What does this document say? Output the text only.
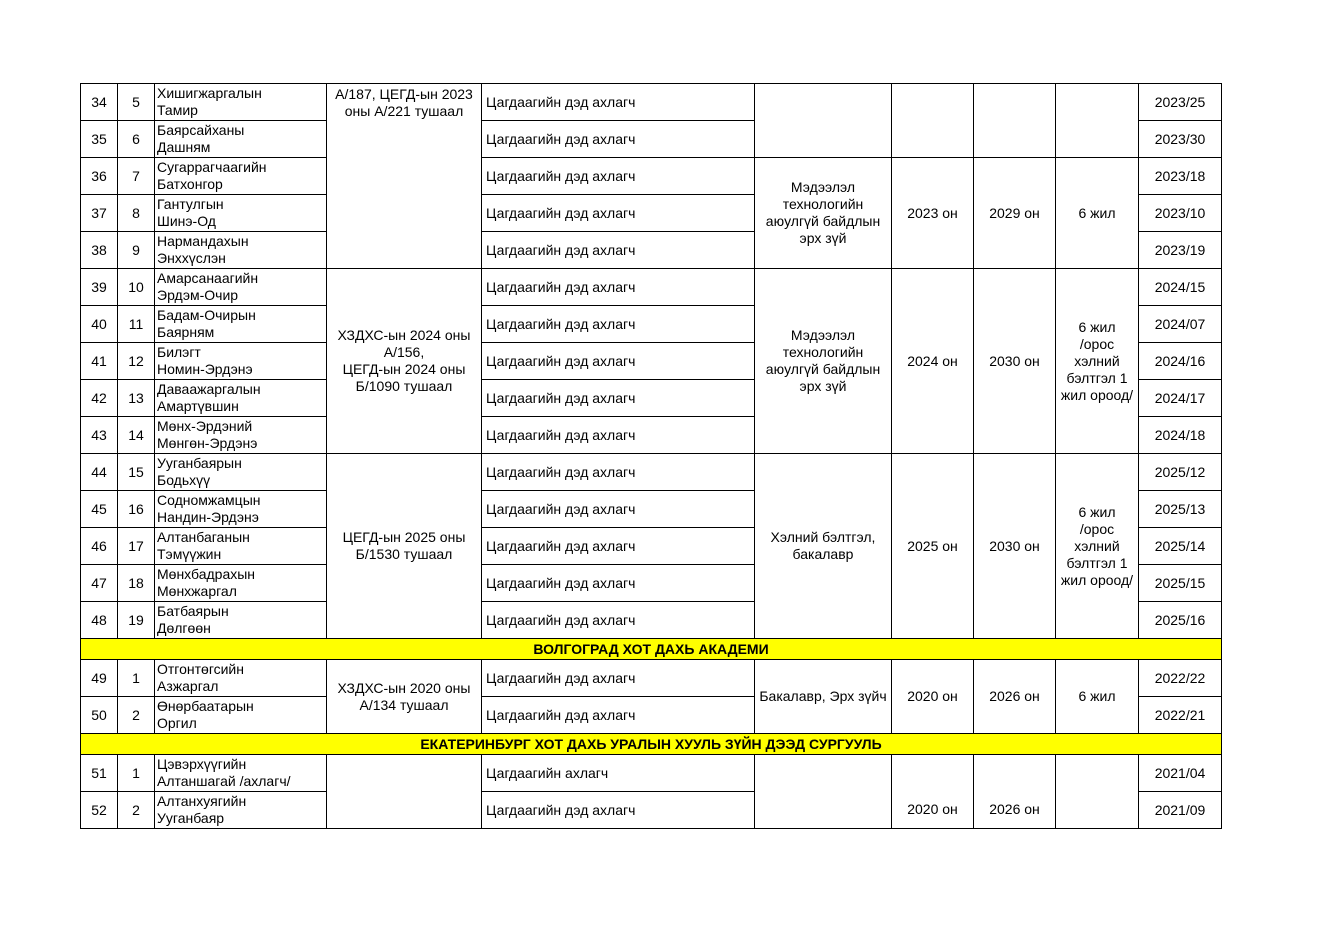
34	5	Хишигжаргалын
Тамир	А/187, ЦЕГД-ын 2023
оны А/221 тушаал	Цагдаагийн дэд ахлагч					2023/25
35	6	Баярсайханы
Дашням		Цагдаагийн дэд ахлагч					2023/30
36	7	Сугаррагчаагийн
Батхонгор		Цагдаагийн дэд ахлагч	Мэдээлэл
технологийн
аюулгүй байдлын
эрх зүй	2023 он	2029 он	6 жил	2023/18
37	8	Гантулгын
Шинэ-Од		Цагдаагийн дэд ахлагч					2023/10
38	9	Нармандахын
Энххүслэн		Цагдаагийн дэд ахлагч					2023/19
39	10	Амарсанаагийн
Эрдэм-Очир	ХЗДХС-ын 2024 оны
А/156,
ЦЕГД-ын 2024 оны
Б/1090 тушаал	Цагдаагийн дэд ахлагч	Мэдээлэл
технологийн
аюулгүй байдлын
эрх зүй	2024 он	2030 он	6 жил
/орос
хэлний
бэлтгэл 1
жил ороод/	2024/15
40	11	Бадам-Очирын
Баярням		Цагдаагийн дэд ахлагч					2024/07
41	12	Билэгт
Номин-Эрдэнэ		Цагдаагийн дэд ахлагч					2024/16
42	13	Даваажаргалын
Амартүвшин		Цагдаагийн дэд ахлагч					2024/17
43	14	Мөнх-Эрдэний
Мөнгөн-Эрдэнэ		Цагдаагийн дэд ахлагч					2024/18
44	15	Ууганбаярын
Бодьхүү	ЦЕГД-ын 2025 оны
Б/1530 тушаал	Цагдаагийн дэд ахлагч	Хэлний бэлтгэл,
бакалавр	2025 он	2030 он	6 жил
/орос
хэлний
бэлтгэл 1
жил ороод/	2025/12
45	16	Содномжамцын
Нандин-Эрдэнэ		Цагдаагийн дэд ахлагч					2025/13
46	17	Алтанбаганын
Тэмүүжин		Цагдаагийн дэд ахлагч					2025/14
47	18	Мөнхбадрахын
Мөнхжаргал		Цагдаагийн дэд ахлагч					2025/15
48	19	Батбаярын
Дөлгөөн		Цагдаагийн дэд ахлагч					2025/16
ВОЛГОГРАД ХОТ ДАХЬ АКАДЕМИ									
49	1	Отгонтөгсийн
Азжаргал	ХЗДХС-ын 2020 оны
А/134 тушаал	Цагдаагийн дэд ахлагч	Бакалавр, Эрх зүйч	2020 он	2026 он	6 жил	2022/22
50	2	Өнөрбаатарын
Оргил		Цагдаагийн дэд ахлагч					2022/21
ЕКАТЕРИНБУРГ ХОТ ДАХЬ УРАЛЫН ХУУЛЬ ЗҮЙН ДЭЭД СУРГУУЛЬ									
51	1	Цэвэрхүүгийн
Алтаншагай /ахлагч/		Цагдаагийн ахлагч		2020 он	2026 он		2021/04
52	2	Алтанхуягийн
Ууганбаяр		Цагдаагийн дэд ахлагч					2021/09
